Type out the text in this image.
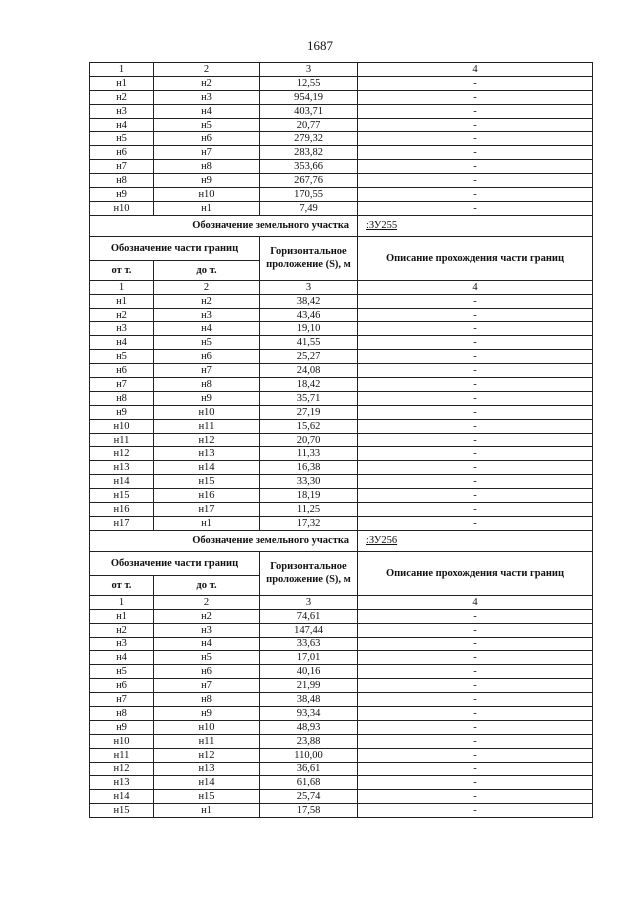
1687
1	2	3	4
н1	н2	12,55	-
н2	н3	954,19	-
н3	н4	403,71	-
н4	н5	20,77	-
н5	н6	279,32	-
н6	н7	283,82	-
н7	н8	353,66	-
н8	н9	267,76	-
н9	н10	170,55	-
н10	н1	7,49	-
Обозначение земельного участка			:ЗУ255
Обозначение части границ		Горизонтальное проложение (S), м	Описание прохождения части границ
от т.	до т.		
1	2	3	4
н1	н2	38,42	-
н2	н3	43,46	-
н3	н4	19,10	-
н4	н5	41,55	-
н5	н6	25,27	-
н6	н7	24,08	-
н7	н8	18,42	-
н8	н9	35,71	-
н9	н10	27,19	-
н10	н11	15,62	-
н11	н12	20,70	-
н12	н13	11,33	-
н13	н14	16,38	-
н14	н15	33,30	-
н15	н16	18,19	-
н16	н17	11,25	-
н17	н1	17,32	-
Обозначение земельного участка			:ЗУ256
Обозначение части границ		Горизонтальное проложение (S), м	Описание прохождения части границ
от т.	до т.		
1	2	3	4
н1	н2	74,61	-
н2	н3	147,44	-
н3	н4	33,63	-
н4	н5	17,01	-
н5	н6	40,16	-
н6	н7	21,99	-
н7	н8	38,48	-
н8	н9	93,34	-
н9	н10	48,93	-
н10	н11	23,88	-
н11	н12	110,00	-
н12	н13	36,61	-
н13	н14	61,68	-
н14	н15	25,74	-
н15	н1	17,58	-
